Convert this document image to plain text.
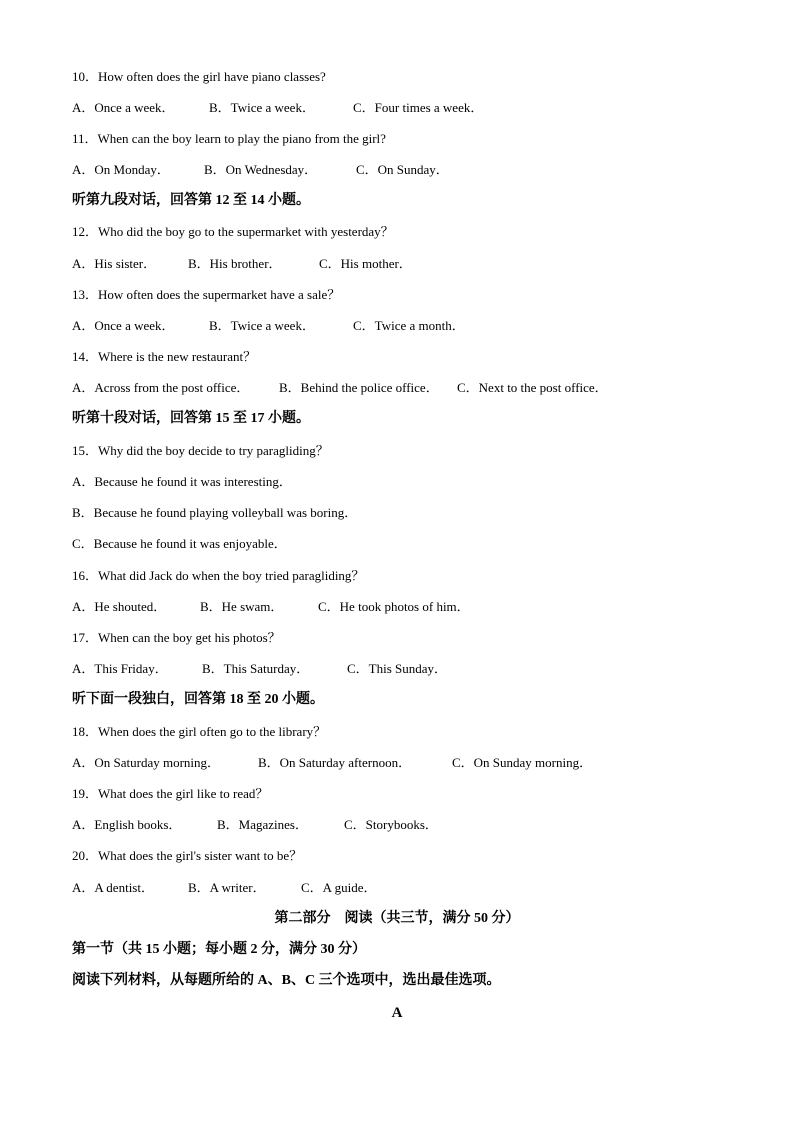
10．How often does the girl have piano classes?
A．Once a week．	B．Twice a week．	C．Four times a week．
11．When can the boy learn to play the piano from the girl?
A．On Monday．	B．On Wednesday．	C．On Sunday．
听第九段对话，回答第 12 至 14 小题。
12．Who did the boy go to the supermarket with yesterday？
A．His sister． B．His brother．	C．His mother．
13．How often does the supermarket have a sale？
A．Once a week．	B．Twice a week．	C．Twice a month．
14．Where is the new restaurant？
A．Across from the post office． B．Behind the police office． C．Next to the post office．
听第十段对话，回答第 15 至 17 小题。
15．Why did the boy decide to try paragliding？
A．Because he found it was interesting．
B．Because he found playing volleyball was boring．
C．Because he found it was enjoyable．
16．What did Jack do when the boy tried paragliding？
A．He shouted．	B．He swam．	C．He took photos of him．
17．When can the boy get his photos？
A．This Friday．	B．This Saturday．	C．This Sunday．
听下面一段独白，回答第 18 至 20 小题。
18．When does the girl often go to the library？
A．On Saturday morning．	B．On Saturday afternoon．	C．On Sunday morning．
19．What does the girl like to read？
A．English books．	B．Magazines．	C．Storybooks．
20．What does the girl's sister want to be？
A．A dentist．	B．A writer．	C．A guide．
第二部分　阅读（共三节，满分 50 分）
第一节（共 15 小题；每小题 2 分，满分 30 分）
阅读下列材料，从每题所给的 A、B、C 三个选项中，选出最佳选项。
A
